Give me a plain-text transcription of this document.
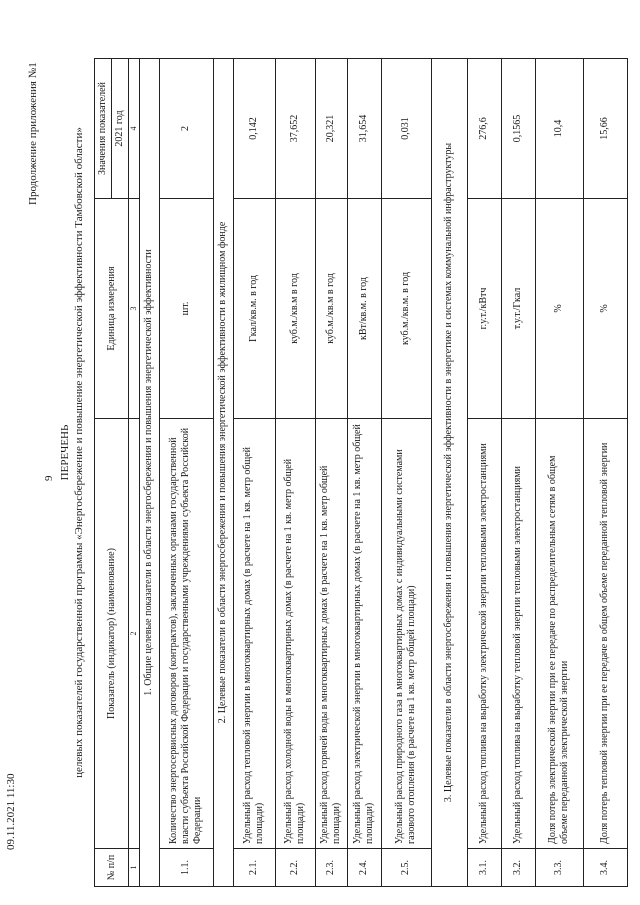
09.11.2021 11:30
9
Продолжение приложения №1
ПЕРЕЧЕНЬ целевых показателей государственной программы «Энергосбережение и повышение энергетической эффективности Тамбовской области»
№ п/п	Показатель (индикатор) (наименование)	Единица измерения	Значения показателей
			2021 год
1	2	3	4
1. Общие целевые показатели в области энергосбережения и повышения энергетической эффективности			
1.1.	Количество энергосервисных договоров (контрактов), заключенных органами государственной власти субъекта Российской Федерации и государственными учреждениями субъекта Российской Федерации	шт.	2
2. Целевые показатели в области энергосбережения и повышения энергетической эффективности в жилищном фонде			
2.1.	Удельный расход тепловой энергии в многоквартирных домах (в расчете на 1 кв. метр общей площади)	Гкал/кв.м. в год	0,142
2.2.	Удельный расход холодной воды в многоквартирных домах (в расчете на 1 кв. метр общей площади)	куб.м./кв.м в год	37,652
2.3.	Удельный расход горячей воды в многоквартирных домах (в расчете на 1 кв. метр общей площади)	куб.м./кв.м в год	20,321
2.4.	Удельный расход электрической энергии в многоквартирных домах (в расчете на 1 кв. метр общей площади)	кВт/кв.м. в год	31,654
2.5.	Удельный расход природного газа в многоквартирных домах с индивидуальными системами газового отопления (в расчете на 1 кв. метр общей площади)	куб.м./кв.м. в год	0,031
3. Целевые показатели в области энергосбережения и повышения энергетической эффективности в энергетике и системах коммунальной инфраструктуры			
3.1.	Удельный расход топлива на выработку электрической энергии тепловыми электростанциями	г.у.т./кВтч	276,6
3.2.	Удельный расход топлива на выработку тепловой энергии тепловыми электростанциями	т.у.т./Гкал	0,1565
3.3.	Доля потерь электрической энергии при ее передаче по распределительным сетям в общем объеме переданной электрической энергии	%	10,4
3.4.	Доля потерь тепловой энергии при ее передаче в общем объеме переданной тепловой энергии	%	15,66
